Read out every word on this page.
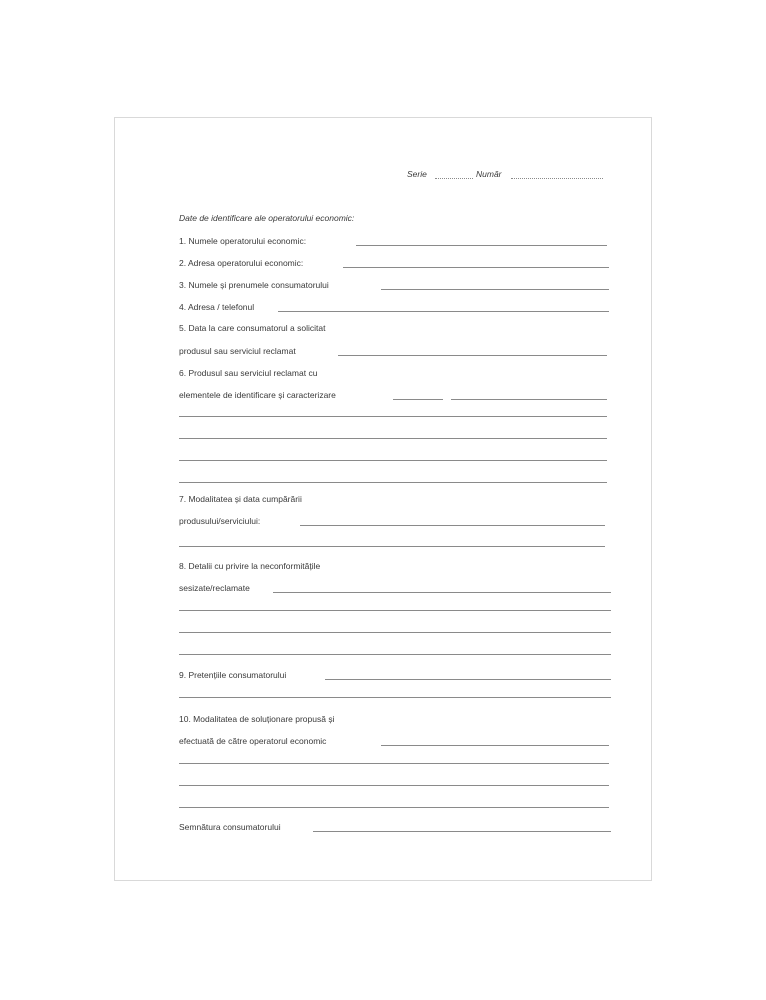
Serie	Număr
Date de identificare ale operatorului economic:
1. Numele operatorului economic:
2. Adresa operatorului economic:
3. Numele și prenumele consumatorului
4. Adresa / telefonul
5. Data la care consumatorul a solicitat
produsul sau serviciul reclamat
6. Produsul sau serviciul reclamat cu
elementele de identificare și caracterizare
7. Modalitatea și data cumpărării
produsului/serviciului:
8. Detalii cu privire la neconformitățile
sesizate/reclamate
9. Pretențiile consumatorului
10. Modalitatea de soluționare propusă și
efectuată de către operatorul economic
Semnătura consumatorului
